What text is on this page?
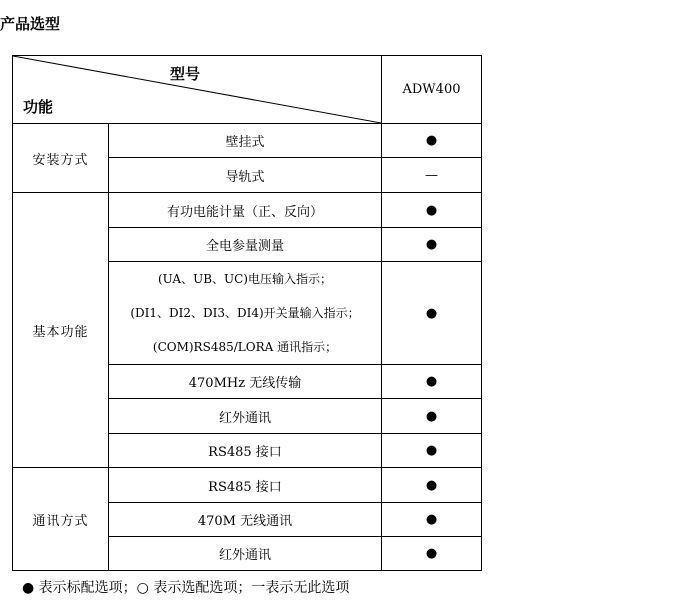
产品选型
型号
功能		ADW400
安装方式	壁挂式	●
	导轨式	—
基本功能	有功电能计量（正、反向）	●
	全电参量测量	●

	(UA、UB、UC)电压输入指示；
(DI1、DI2、DI3、DI4)开关量输入指示；
(COM)RS485/LORA 通讯指示；	●
	470MHz 无线传输	●
	红外通讯	●
	RS485 接口	●
通讯方式	RS485 接口	●
	470M 无线通讯	●
	红外通讯	●
● 表示标配选项；○ 表示选配选项；一表示无此选项
